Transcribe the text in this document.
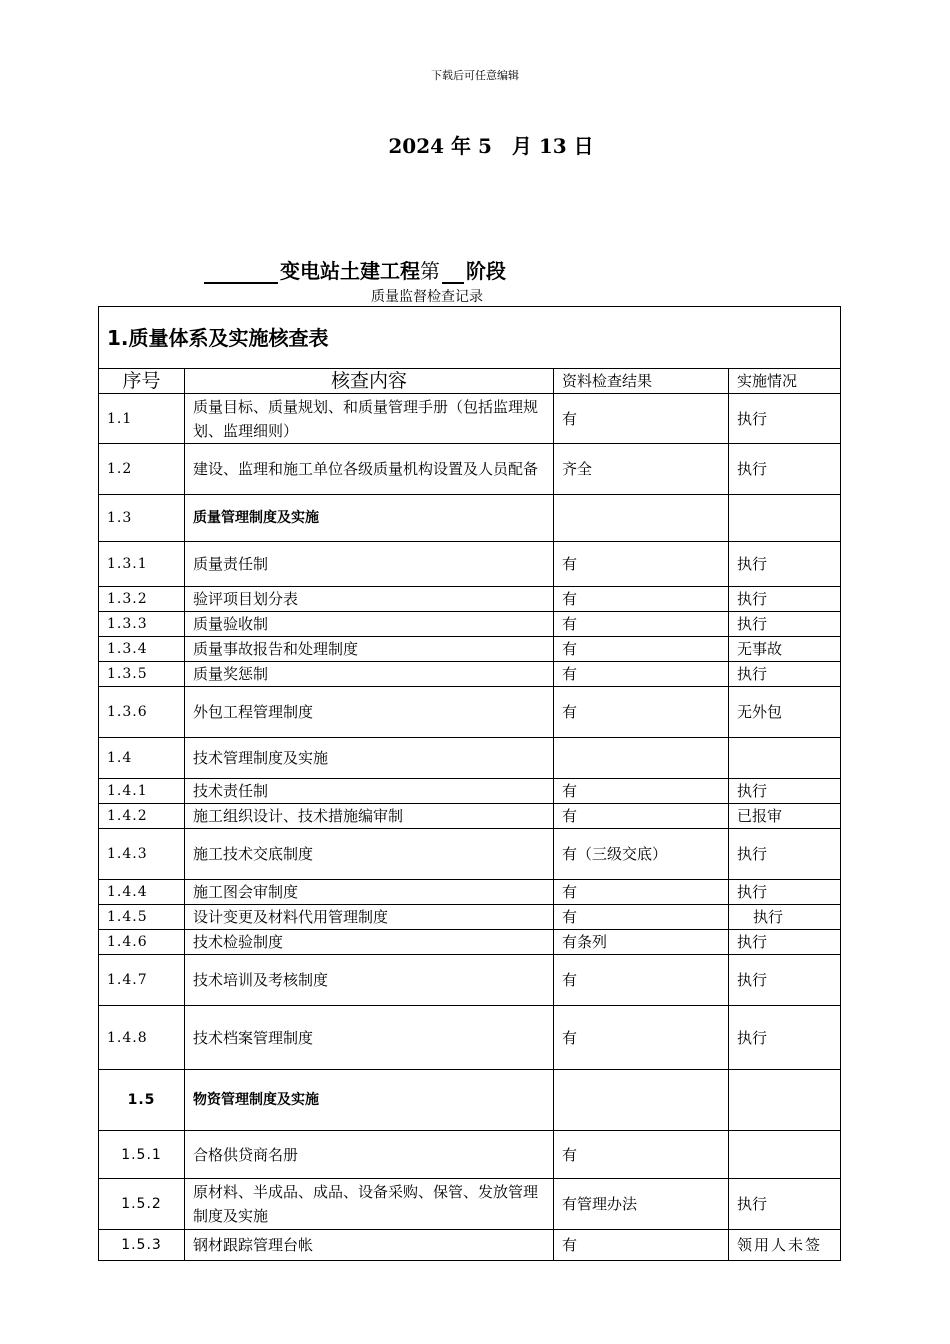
下载后可任意编辑
2024 年 5　月 13 日
变电站土建工程第 阶段
质量监督检查记录
1.质量体系及实施核查表			
序号	核查内容	资料检查结果	实施情况
1.1	质量目标、质量规划、和质量管理手册（包括监理规划、监理细则）	有	执行
1.2	建设、监理和施工单位各级质量机构设置及人员配备	齐全	执行
1.3	质量管理制度及实施		
1.3.1	质量责任制	有	执行
1.3.2	验评项目划分表	有	执行
1.3.3	质量验收制	有	执行
1.3.4	质量事故报告和处理制度	有	无事故
1.3.5	质量奖惩制	有	执行
1.3.6	外包工程管理制度	有	无外包
1.4	技术管理制度及实施		
1.4.1	技术责任制	有	执行
1.4.2	施工组织设计、技术措施编审制	有	已报审
1.4.3	施工技术交底制度	有（三级交底）	执行
1.4.4	施工图会审制度	有	执行
1.4.5	设计变更及材料代用管理制度	有	执行
1.4.6	技术检验制度	有条列	执行
1.4.7	技术培训及考核制度	有	执行
1.4.8	技术档案管理制度	有	执行
1.5	物资管理制度及实施		
1.5.1	合格供贷商名册	有	
1.5.2	原材料、半成品、成品、设备采购、保管、发放管理制度及实施	有管理办法	执行
1.5.3	钢材跟踪管理台帐	有	领用人未签
